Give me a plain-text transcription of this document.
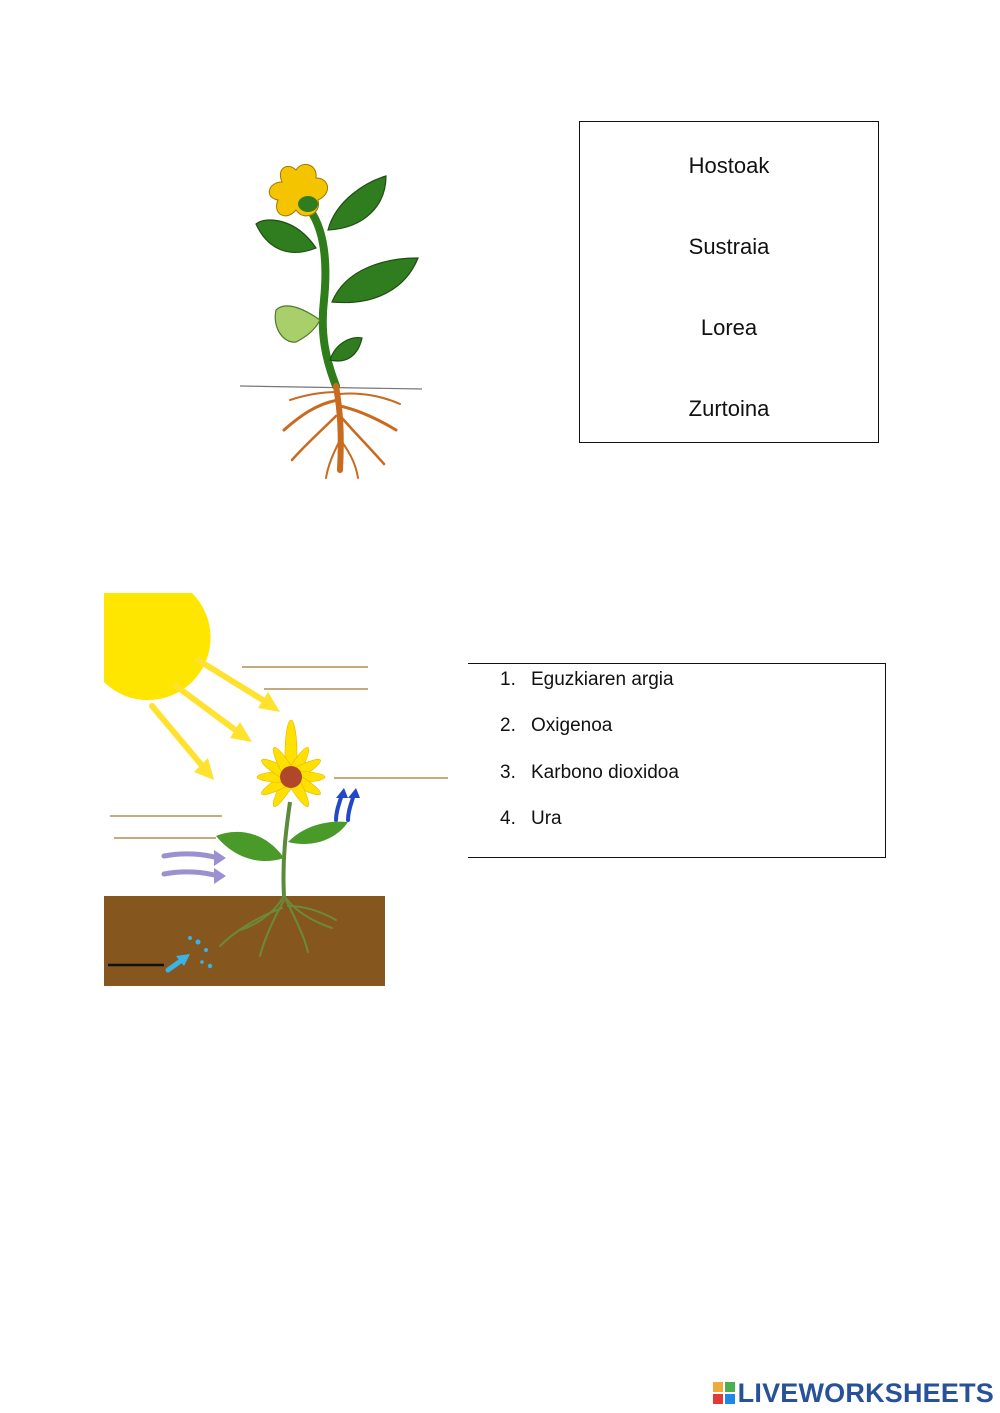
Hostoak
Sustraia
Lorea
Zurtoina
1. Eguzkiaren argia
2. Oxigenoa
3. Karbono dioxidoa
4. Ura
LIVEWORKSHEETS
